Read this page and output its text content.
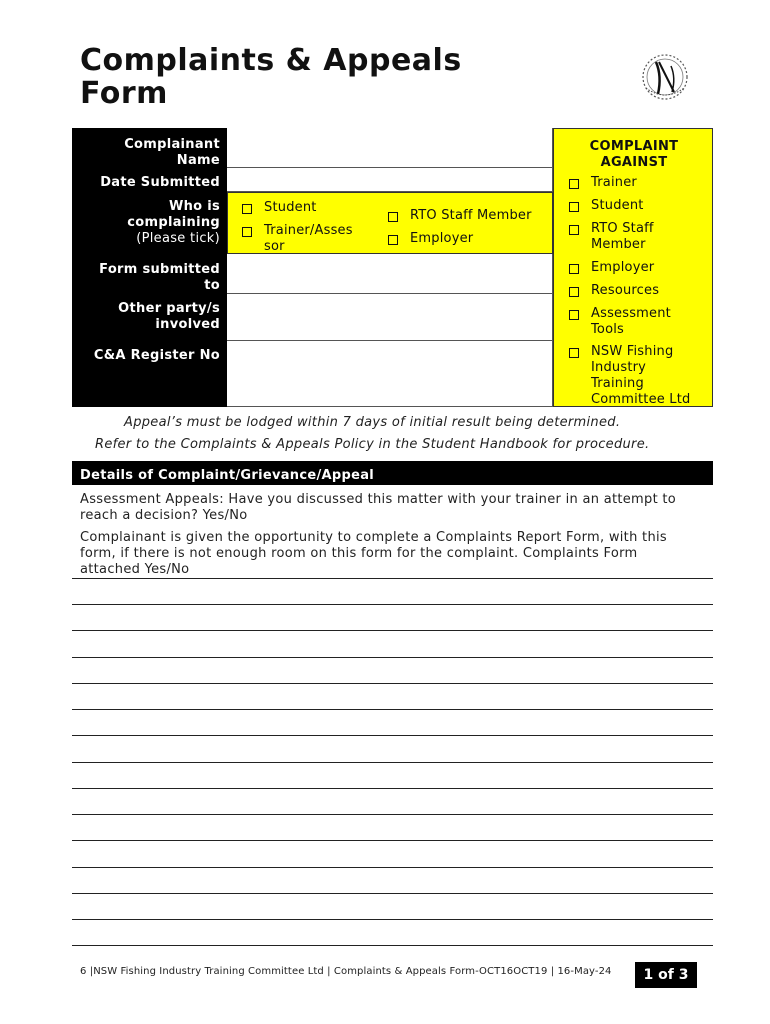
Complaints & Appeals
Form
Complainant
Name
Date Submitted
Who is
complaining
(Please tick)
Form submitted
to
Other party/s
involved
C&A Register No
Student
Trainer/Asses
sor
RTO Staff Member
Employer
COMPLAINT
AGAINST
Trainer
Student
RTO Staff
Member
Employer
Resources
Assessment
Tools
NSW Fishing
Industry
Training
Committee Ltd
Appeal’s must be lodged within 7 days of initial result being determined.
Refer to the Complaints & Appeals Policy in the Student Handbook for procedure.
Details of Complaint/Grievance/Appeal
Assessment Appeals: Have you discussed this matter with your trainer in an attempt to
reach a decision? Yes/No
Complainant is given the opportunity to complete a Complaints Report Form, with this
form, if there is not enough room on this form for the complaint. Complaints Form
attached Yes/No
6 |NSW Fishing Industry Training Committee Ltd | Complaints & Appeals Form-OCT16OCT19 | 16-May-24	1 of 3
